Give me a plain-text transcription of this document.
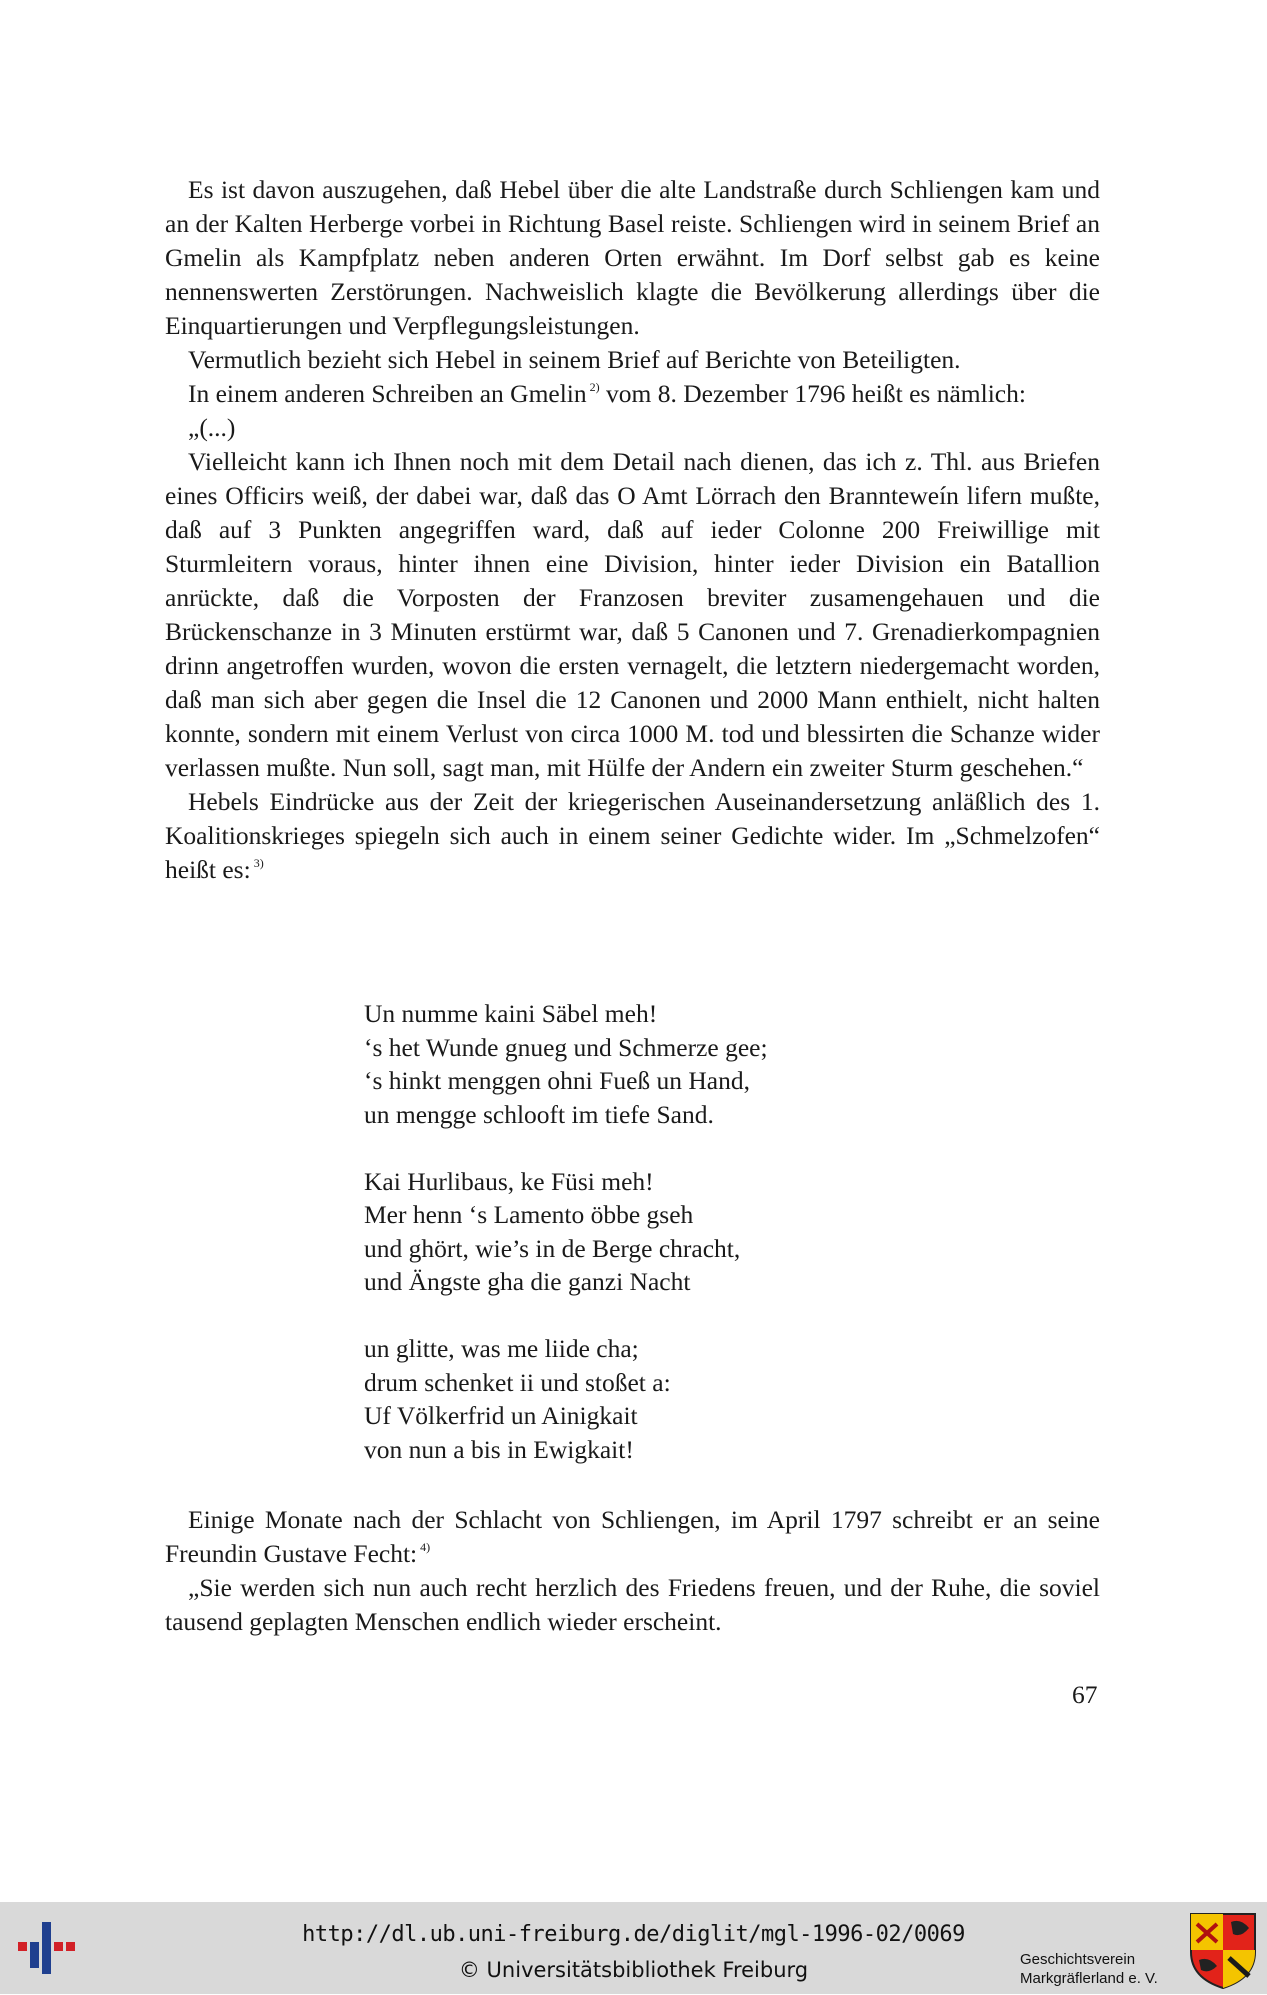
Es ist davon auszugehen, daß Hebel über die alte Landstraße durch Schliengen kam und an der Kalten Herberge vorbei in Richtung Basel reiste. Schliengen wird in seinem Brief an Gmelin als Kampfplatz neben anderen Orten erwähnt. Im Dorf selbst gab es keine nennenswerten Zerstörungen. Nachweislich klagte die Bevölkerung allerdings über die Einquartierungen und Verpflegungsleistungen.

Vermutlich bezieht sich Hebel in seinem Brief auf Berichte von Beteiligten.

In einem anderen Schreiben an Gmelin $^{2)}$ vom 8. Dezember 1796 heißt es nämlich:

„(...)

Vielleicht kann ich Ihnen noch mit dem Detail nach dienen, das ich z. Thl. aus Briefen eines Officirs weiß, der dabei war, daß das O Amt Lörrach den Brannteweín lifern mußte, daß auf 3 Punkten angegriffen ward, daß auf ieder Colonne 200 Freiwillige mit Sturmleitern voraus, hinter ihnen eine Division, hinter ieder Division ein Batallion anrückte, daß die Vorposten der Franzosen breviter zusamengehauen und die Brückenschanze in 3 Minuten erstürmt war, daß 5 Canonen und 7. Grenadierkompagnien drinn angetroffen wurden, wovon die ersten vernagelt, die letztern niedergemacht worden, daß man sich aber gegen die Insel die 12 Canonen und 2000 Mann enthielt, nicht halten konnte, sondern mit einem Verlust von circa 1000 M. tod und blessirten die Schanze wider verlassen mußte. Nun soll, sagt man, mit Hülfe der Andern ein zweiter Sturm geschehen.“

Hebels Eindrücke aus der Zeit der kriegerischen Auseinandersetzung anläßlich des 1. Koalitionskrieges spiegeln sich auch in einem seiner Gedichte wider. Im „Schmelzofen“ heißt es: $^{3)}$

Un numme kaini Säbel meh!
‘s het Wunde gnueg und Schmerze gee;
‘s hinkt menggen ohni Fueß un Hand,
un mengge schlooft im tiefe Sand.
Kai Hurlibaus, ke Füsi meh!
Mer henn ‘s Lamento öbbe gseh
und ghört, wie’s in de Berge chracht,
und Ängste gha die ganzi Nacht
un glitte, was me liide cha;
drum schenket ii und stoßet a:
Uf Völkerfrid un Ainigkait
von nun a bis in Ewigkait!

Einige Monate nach der Schlacht von Schliengen, im April 1797 schreibt er an seine Freundin Gustave Fecht: $^{4)}$

„Sie werden sich nun auch recht herzlich des Friedens freuen, und der Ruhe, die soviel tausend geplagten Menschen endlich wieder erscheint.

67
http://dl.ub.uni-freiburg.de/diglit/mgl-1996-02/0069
© Universitätsbibliothek Freiburg	Geschichtsverein
Markgräflerland e. V.
